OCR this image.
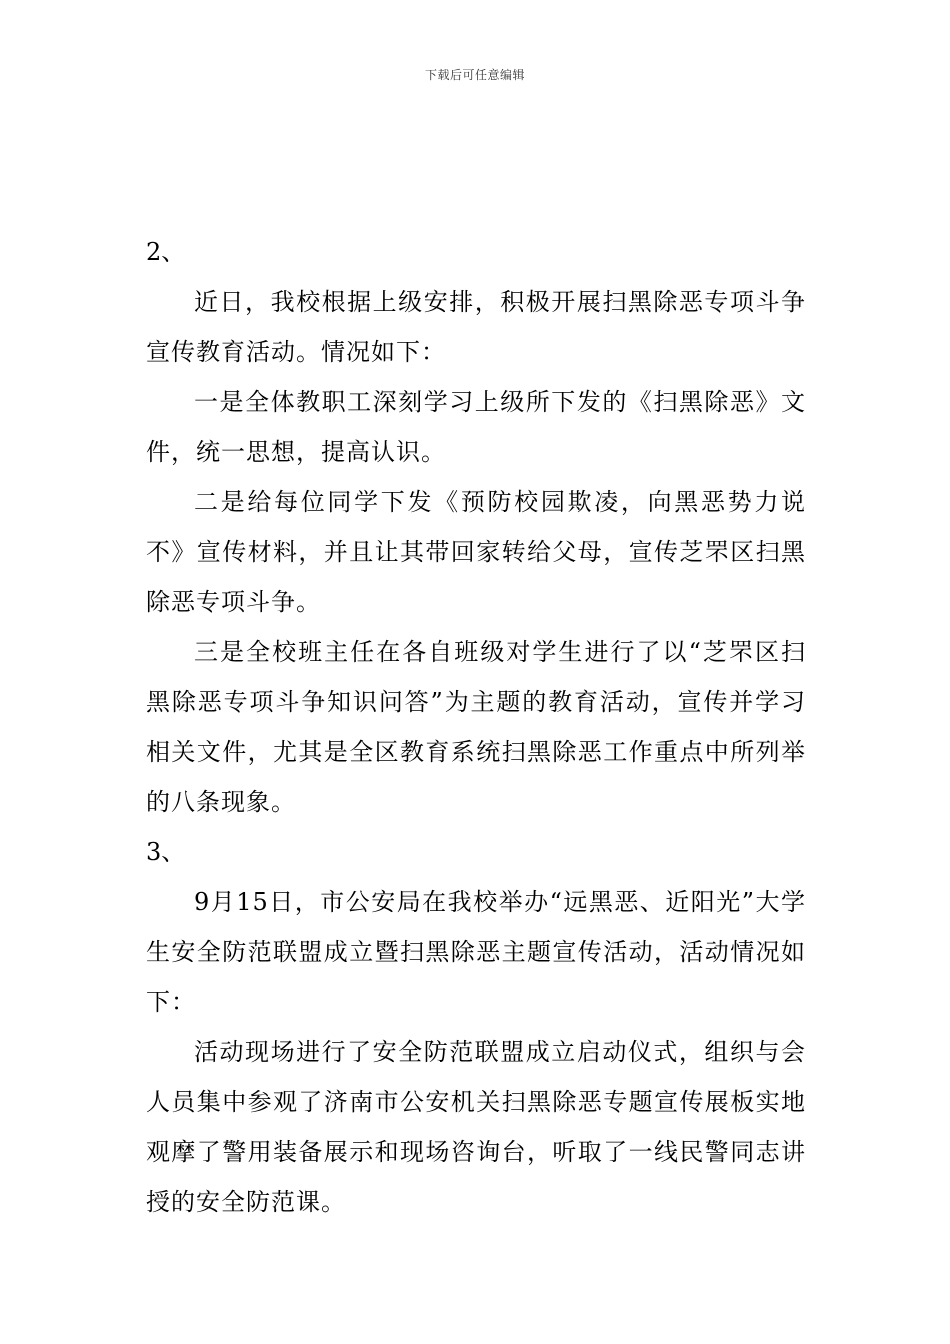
下载后可任意编辑

2、

近日，我校根据上级安排，积极开展扫黑除恶专项斗争宣传教育活动。情况如下：

一是全体教职工深刻学习上级所下发的《扫黑除恶》文件，统一思想，提高认识。

二是给每位同学下发《预防校园欺凌，向黑恶势力说不》宣传材料，并且让其带回家转给父母，宣传芝罘区扫黑除恶专项斗争。

三是全校班主任在各自班级对学生进行了以“芝罘区扫黑除恶专项斗争知识问答”为主题的教育活动，宣传并学习相关文件，尤其是全区教育系统扫黑除恶工作重点中所列举的八条现象。

3、

9月15日，市公安局在我校举办“远黑恶、近阳光”大学生安全防范联盟成立暨扫黑除恶主题宣传活动，活动情况如下：

活动现场进行了安全防范联盟成立启动仪式，组织与会人员集中参观了济南市公安机关扫黑除恶专题宣传展板实地观摩了警用装备展示和现场咨询台，听取了一线民警同志讲授的安全防范课。
